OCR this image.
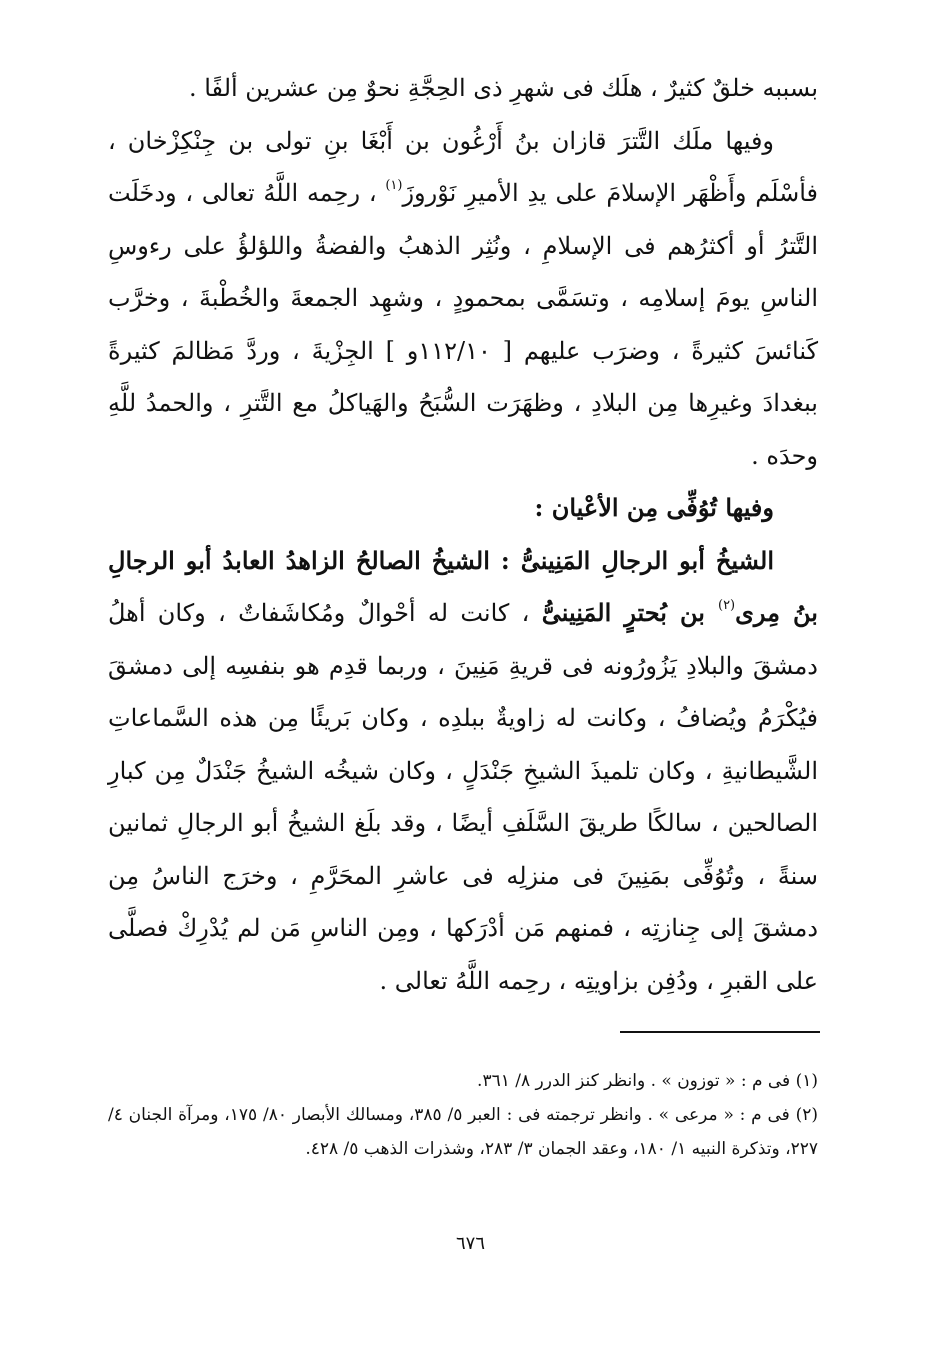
بسببه خلقٌ كثيرٌ ، هلَك فى شهرِ ذى الحِجَّةِ نحوٌ مِن عشرين ألفًا .

وفيها ملَك التَّترَ قازان بنُ أَرْغُون بن أَبْغَا بنِ تولى بن جِنْكِزْخان ، فأسْلَم وأَظْهَر الإسلامَ على يدِ الأميرِ نَوْروزَ$^{(١)}$ ، رحِمه اللَّهُ تعالى ، ودخَلَت التَّترُ أو أكثرُهم فى الإسلامِ ، ونُثِر الذهبُ والفضةُ واللؤلؤُ على رءوسِ الناسِ يومَ إسلامِه ، وتسَمَّى بمحمودٍ ، وشهِد الجمعةَ والخُطْبةَ ، وخرَّب كَنائسَ كثيرةً ، وضرَب عليهم [ ١١٢/١٠و ] الجِزْيةَ ، وردَّ مَظالمَ كثيرةً ببغدادَ وغيرِها مِن البلادِ ، وظهَرَت السُّبَحُ والهَياكلُ مع التَّترِ ، والحمدُ للَّهِ وحدَه .

وفيها تُوُفِّى مِن الأعْيان :

الشيخُ أبو الرجالِ المَنِينىُّ : الشيخُ الصالحُ الزاهدُ العابدُ أبو الرجالِ بنُ مِرى$^{(٢)}$ بن بُحترٍ المَنِينىُّ ، كانت له أحْوالٌ ومُكاشَفاتٌ ، وكان أهلُ دمشقَ والبلادِ يَزُورُونه فى قريةِ مَنِينَ ، وربما قدِم هو بنفسِه إلى دمشقَ فيُكْرَمُ ويُضافُ ، وكانت له زاويةٌ ببلدِه ، وكان بَريئًا مِن هذه السَّماعاتِ الشَّيطانيةِ ، وكان تلميذَ الشيخِ جَنْدَلٍ ، وكان شيخُه الشيخُ جَنْدَلٌ مِن كبارِ الصالحين ، سالكًا طريقَ السَّلَفِ أيضًا ، وقد بلَغ الشيخُ أبو الرجالِ ثمانين سنةً ، وتُوُفِّى بمَنِينَ فى منزلِه فى عاشرِ المحَرَّمِ ، وخرَج الناسُ مِن دمشقَ إلى جِنازتِه ، فمنهم مَن أدْرَكها ، ومِن الناسِ مَن لم يُدْرِكْ فصلَّى على القبرِ ، ودُفِن بزاويتِه ، رحِمه اللَّهُ تعالى .

(١) فى م : « توزون » . وانظر كنز الدرر ٨/ ٣٦١.

(٢) فى م : « مرعى » . وانظر ترجمته فى : العبر ٥/ ٣٨٥، ومسالك الأبصار ٨٠/ ١٧٥، ومرآة الجنان ٤/ ٢٢٧، وتذكرة النبيه ١/ ١٨٠، وعقد الجمان ٣/ ٢٨٣، وشذرات الذهب ٥/ ٤٢٨.

٦٧٦
